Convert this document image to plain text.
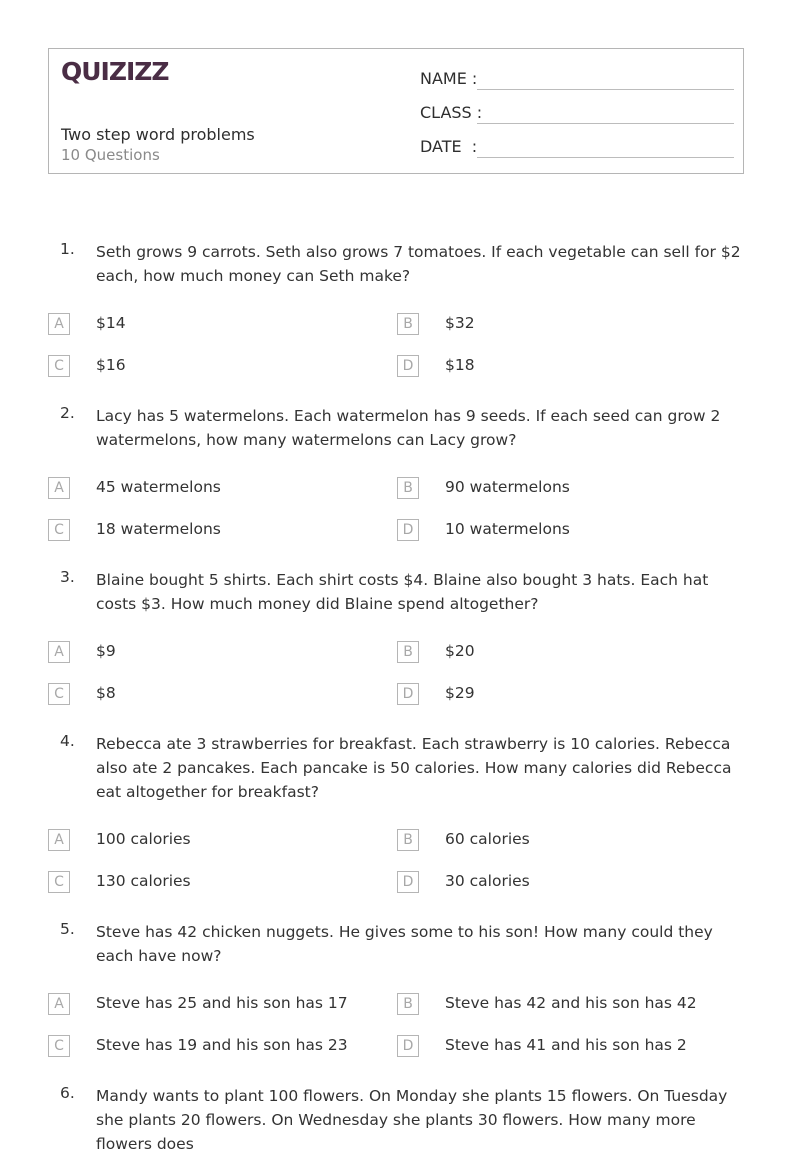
QUIZIZZ
Two step word problems
10 Questions
NAME :
CLASS :
DATE  :
1. Seth grows 9 carrots. Seth also grows 7 tomatoes. If each vegetable can sell for $2 each, how much money can Seth make?
A	$14	B	$32
C	$16	D	$18
2. Lacy has 5 watermelons. Each watermelon has 9 seeds. If each seed can grow 2 watermelons, how many watermelons can Lacy grow?
A	45 watermelons	B	90 watermelons
C	18 watermelons	D	10 watermelons
3. Blaine bought 5 shirts. Each shirt costs $4. Blaine also bought 3 hats. Each hat costs $3. How much money did Blaine spend altogether?
A	$9	B	$20
C	$8	D	$29
4. Rebecca ate 3 strawberries for breakfast. Each strawberry is 10 calories. Rebecca also ate 2 pancakes. Each pancake is 50 calories. How many calories did Rebecca eat altogether for breakfast?
A	100 calories	B	60 calories
C	130 calories	D	30 calories
5. Steve has 42 chicken nuggets. He gives some to his son! How many could they each have now?
A	Steve has 25 and his son has 17	B	Steve has 42 and his son has 42
C	Steve has 19 and his son has 23	D	Steve has 41 and his son has 2
6. Mandy wants to plant 100 flowers. On Monday she plants 15 flowers. On Tuesday she plants 20 flowers. On Wednesday she plants 30 flowers. How many more flowers does
